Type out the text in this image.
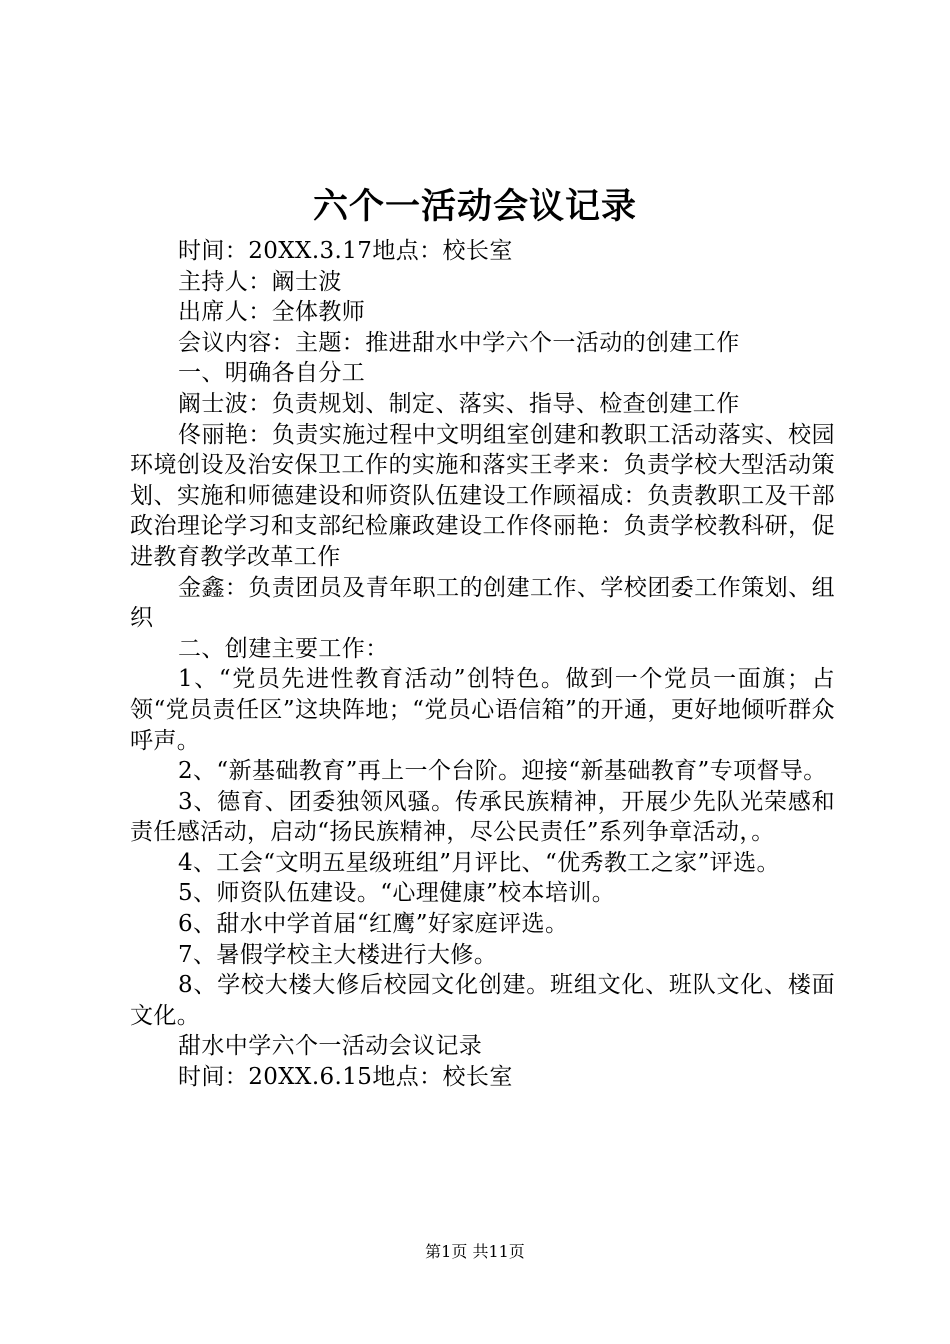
六个一活动会议记录

时间：20XX.3.17地点：校长室

主持人：阚士波

出席人：全体教师

会议内容：主题：推进甜水中学六个一活动的创建工作

一、明确各自分工

阚士波：负责规划、制定、落实、指导、检查创建工作

佟丽艳：负责实施过程中文明组室创建和教职工活动落实、校园环境创设及治安保卫工作的实施和落实王孝来：负责学校大型活动策划、实施和师德建设和师资队伍建设工作顾福成：负责教职工及干部政治理论学习和支部纪检廉政建设工作佟丽艳：负责学校教科研，促进教育教学改革工作

金鑫：负责团员及青年职工的创建工作、学校团委工作策划、组织

二、创建主要工作：

1、“党员先进性教育活动”创特色。做到一个党员一面旗；占领“党员责任区”这块阵地；“党员心语信箱”的开通，更好地倾听群众呼声。

2、“新基础教育”再上一个台阶。迎接“新基础教育”专项督导。

3、德育、团委独领风骚。传承民族精神，开展少先队光荣感和责任感活动，启动“扬民族精神，尽公民责任”系列争章活动，。

4、工会“文明五星级班组”月评比、“优秀教工之家”评选。

5、师资队伍建设。“心理健康”校本培训。

6、甜水中学首届“红鹰”好家庭评选。

7、暑假学校主大楼进行大修。

8、学校大楼大修后校园文化创建。班组文化、班队文化、楼面文化。

甜水中学六个一活动会议记录

时间：20XX.6.15地点：校长室

第1页 共11页
